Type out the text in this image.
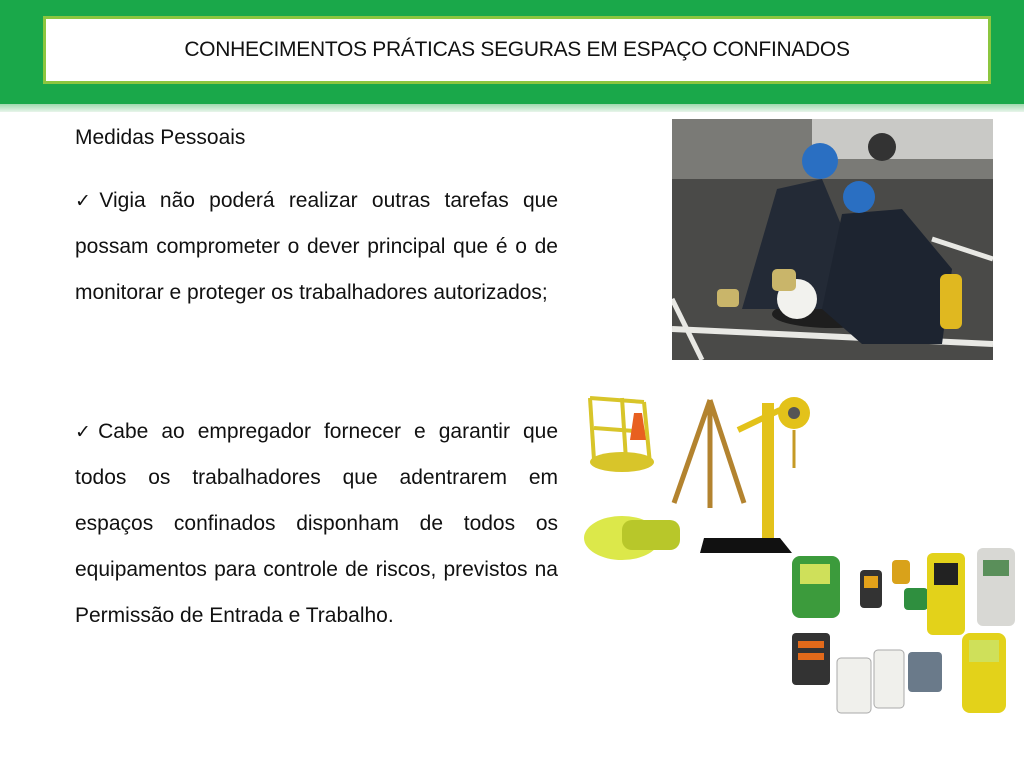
CONHECIMENTOS PRÁTICAS SEGURAS EM ESPAÇO CONFINADOS
Medidas Pessoais

✓Vigia não poderá realizar outras tarefas que possam comprometer o dever principal que é o de monitorar e proteger os trabalhadores autorizados;

✓Cabe ao empregador fornecer e garantir que todos os trabalhadores que adentrarem em espaços confinados disponham de todos os equipamentos para controle de riscos, previstos na Permissão de Entrada e Trabalho.
